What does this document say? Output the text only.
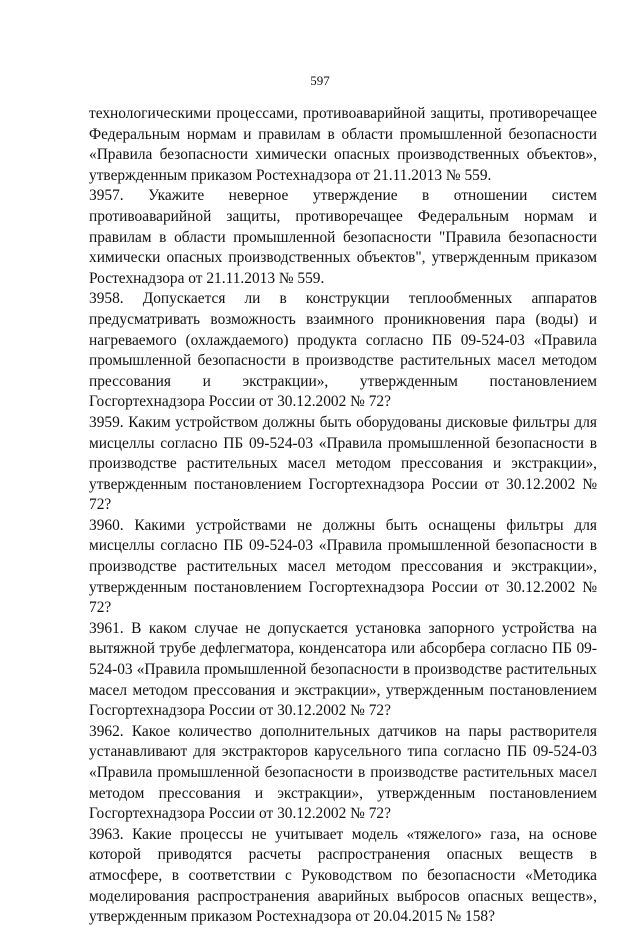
597

технологическими процессами, противоаварийной защиты, противоречащее Федеральным нормам и правилам в области промышленной безопасности «Правила безопасности химически опасных производственных объектов», утвержденным приказом Ростехнадзора от 21.11.2013 № 559.

3957. Укажите неверное утверждение в отношении систем противоаварийной защиты, противоречащее Федеральным нормам и правилам в области промышленной безопасности "Правила безопасности химически опасных производственных объектов", утвержденным приказом Ростехнадзора от 21.11.2013 № 559.

3958. Допускается ли в конструкции теплообменных аппаратов предусматривать возможность взаимного проникновения пара (воды) и нагреваемого (охлаждаемого) продукта согласно ПБ 09-524-03 «Правила промышленной безопасности в производстве растительных масел методом прессования и экстракции», утвержденным постановлением Госгортехнадзора России от 30.12.2002 № 72?

3959. Каким устройством должны быть оборудованы дисковые фильтры для мисцеллы согласно ПБ 09-524-03 «Правила промышленной безопасности в производстве растительных масел методом прессования и экстракции», утвержденным постановлением Госгортехнадзора России от 30.12.2002 № 72?

3960. Какими устройствами не должны быть оснащены фильтры для мисцеллы согласно ПБ 09-524-03 «Правила промышленной безопасности в производстве растительных масел методом прессования и экстракции», утвержденным постановлением Госгортехнадзора России от 30.12.2002 № 72?

3961. В каком случае не допускается установка запорного устройства на вытяжной трубе дефлегматора, конденсатора или абсорбера согласно ПБ 09-524-03 «Правила промышленной безопасности в производстве растительных масел методом прессования и экстракции», утвержденным постановлением Госгортехнадзора России от 30.12.2002 № 72?

3962. Какое количество дополнительных датчиков на пары растворителя устанавливают для экстракторов карусельного типа согласно ПБ 09-524-03 «Правила промышленной безопасности в производстве растительных масел методом прессования и экстракции», утвержденным постановлением Госгортехнадзора России от 30.12.2002 № 72?

3963. Какие процессы не учитывает модель «тяжелого» газа, на основе которой приводятся расчеты распространения опасных веществ в атмосфере, в соответствии с Руководством по безопасности «Методика моделирования распространения аварийных выбросов опасных веществ», утвержденным приказом Ростехнадзора от 20.04.2015 № 158?
